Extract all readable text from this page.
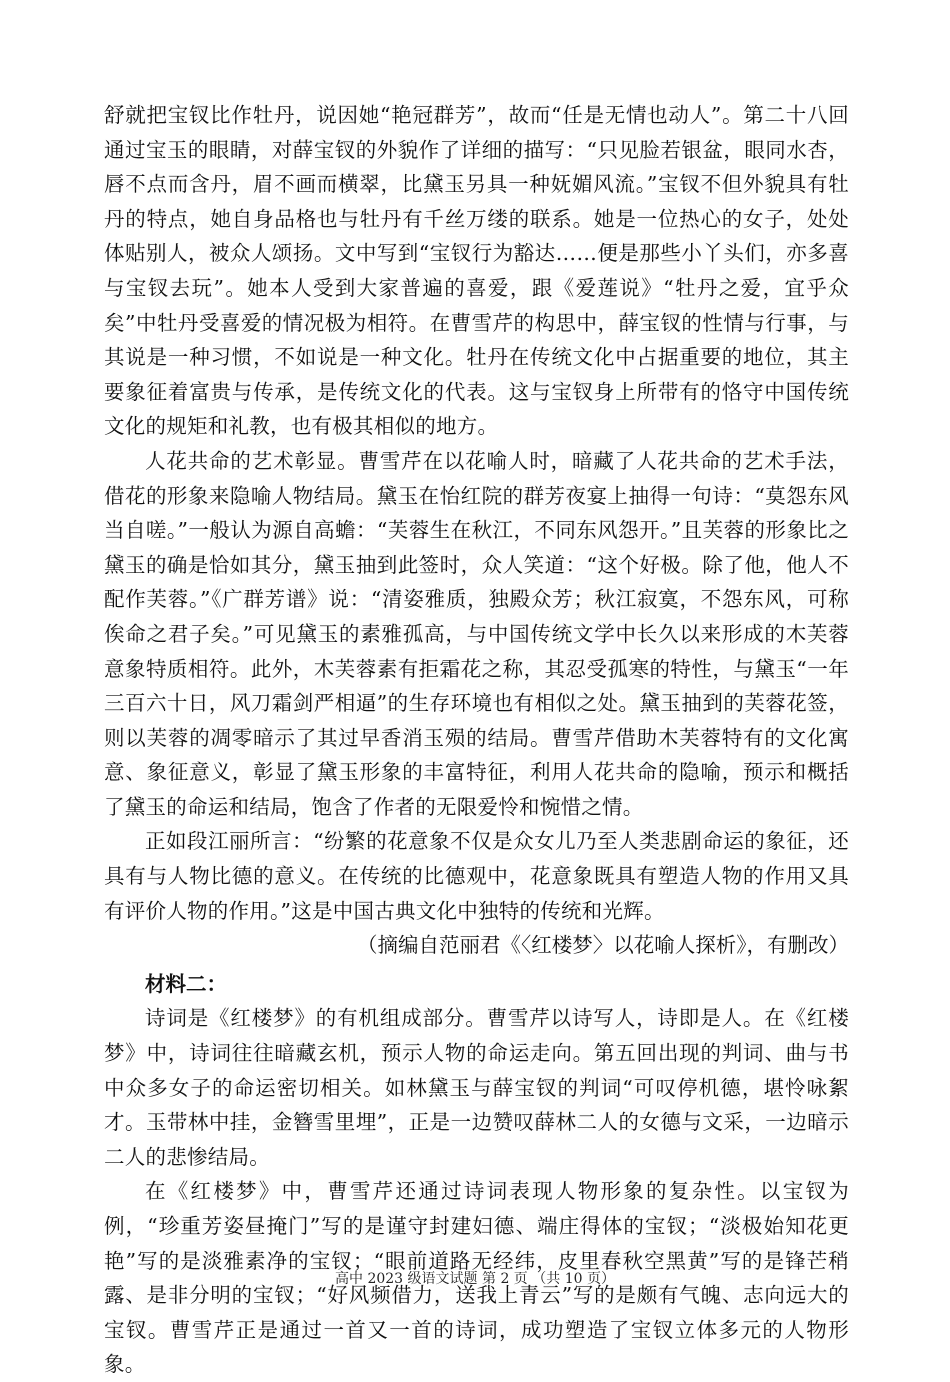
舒就把宝钗比作牡丹，说因她“艳冠群芳”，故而“任是无情也动人”。第二十八回通过宝玉的眼睛，对薛宝钗的外貌作了详细的描写：“只见脸若银盆，眼同水杏，唇不点而含丹，眉不画而横翠，比黛玉另具一种妩媚风流。”宝钗不但外貌具有牡丹的特点，她自身品格也与牡丹有千丝万缕的联系。她是一位热心的女子，处处体贴别人，被众人颂扬。文中写到“宝钗行为豁达……便是那些小丫头们，亦多喜与宝钗去玩”。她本人受到大家普遍的喜爱，跟《爱莲说》“牡丹之爱，宜乎众矣”中牡丹受喜爱的情况极为相符。在曹雪芹的构思中，薛宝钗的性情与行事，与其说是一种习惯，不如说是一种文化。牡丹在传统文化中占据重要的地位，其主要象征着富贵与传承，是传统文化的代表。这与宝钗身上所带有的恪守中国传统文化的规矩和礼教，也有极其相似的地方。

人花共命的艺术彰显。曹雪芹在以花喻人时，暗藏了人花共命的艺术手法，借花的形象来隐喻人物结局。黛玉在怡红院的群芳夜宴上抽得一句诗：“莫怨东风当自嗟。”一般认为源自高蟾：“芙蓉生在秋江，不同东风怨开。”且芙蓉的形象比之黛玉的确是恰如其分，黛玉抽到此签时，众人笑道：“这个好极。除了他，他人不配作芙蓉。”《广群芳谱》说：“清姿雅质，独殿众芳；秋江寂寞，不怨东风，可称俟命之君子矣。”可见黛玉的素雅孤高，与中国传统文学中长久以来形成的木芙蓉意象特质相符。此外，木芙蓉素有拒霜花之称，其忍受孤寒的特性，与黛玉“一年三百六十日，风刀霜剑严相逼”的生存环境也有相似之处。黛玉抽到的芙蓉花签，则以芙蓉的凋零暗示了其过早香消玉殒的结局。曹雪芹借助木芙蓉特有的文化寓意、象征意义，彰显了黛玉形象的丰富特征，利用人花共命的隐喻，预示和概括了黛玉的命运和结局，饱含了作者的无限爱怜和惋惜之情。

正如段江丽所言：“纷繁的花意象不仅是众女儿乃至人类悲剧命运的象征，还具有与人物比德的意义。在传统的比德观中，花意象既具有塑造人物的作用又具有评价人物的作用。”这是中国古典文化中独特的传统和光辉。

（摘编自范丽君《〈红楼梦〉以花喻人探析》，有删改）

材料二：

诗词是《红楼梦》的有机组成部分。曹雪芹以诗写人，诗即是人。在《红楼梦》中，诗词往往暗藏玄机，预示人物的命运走向。第五回出现的判词、曲与书中众多女子的命运密切相关。如林黛玉与薛宝钗的判词“可叹停机德，堪怜咏絮才。玉带林中挂，金簪雪里埋”，正是一边赞叹薛林二人的女德与文采，一边暗示二人的悲惨结局。

在《红楼梦》中，曹雪芹还通过诗词表现人物形象的复杂性。以宝钗为例，“珍重芳姿昼掩门”写的是谨守封建妇德、端庄得体的宝钗；“淡极始知花更艳”写的是淡雅素净的宝钗；“眼前道路无经纬，皮里春秋空黑黄”写的是锋芒稍露、是非分明的宝钗；“好风频借力，送我上青云”写的是颇有气魄、志向远大的宝钗。曹雪芹正是通过一首又一首的诗词，成功塑造了宝钗立体多元的人物形象。

高中 2023 级语文试题 第 2 页 （共 10 页）
